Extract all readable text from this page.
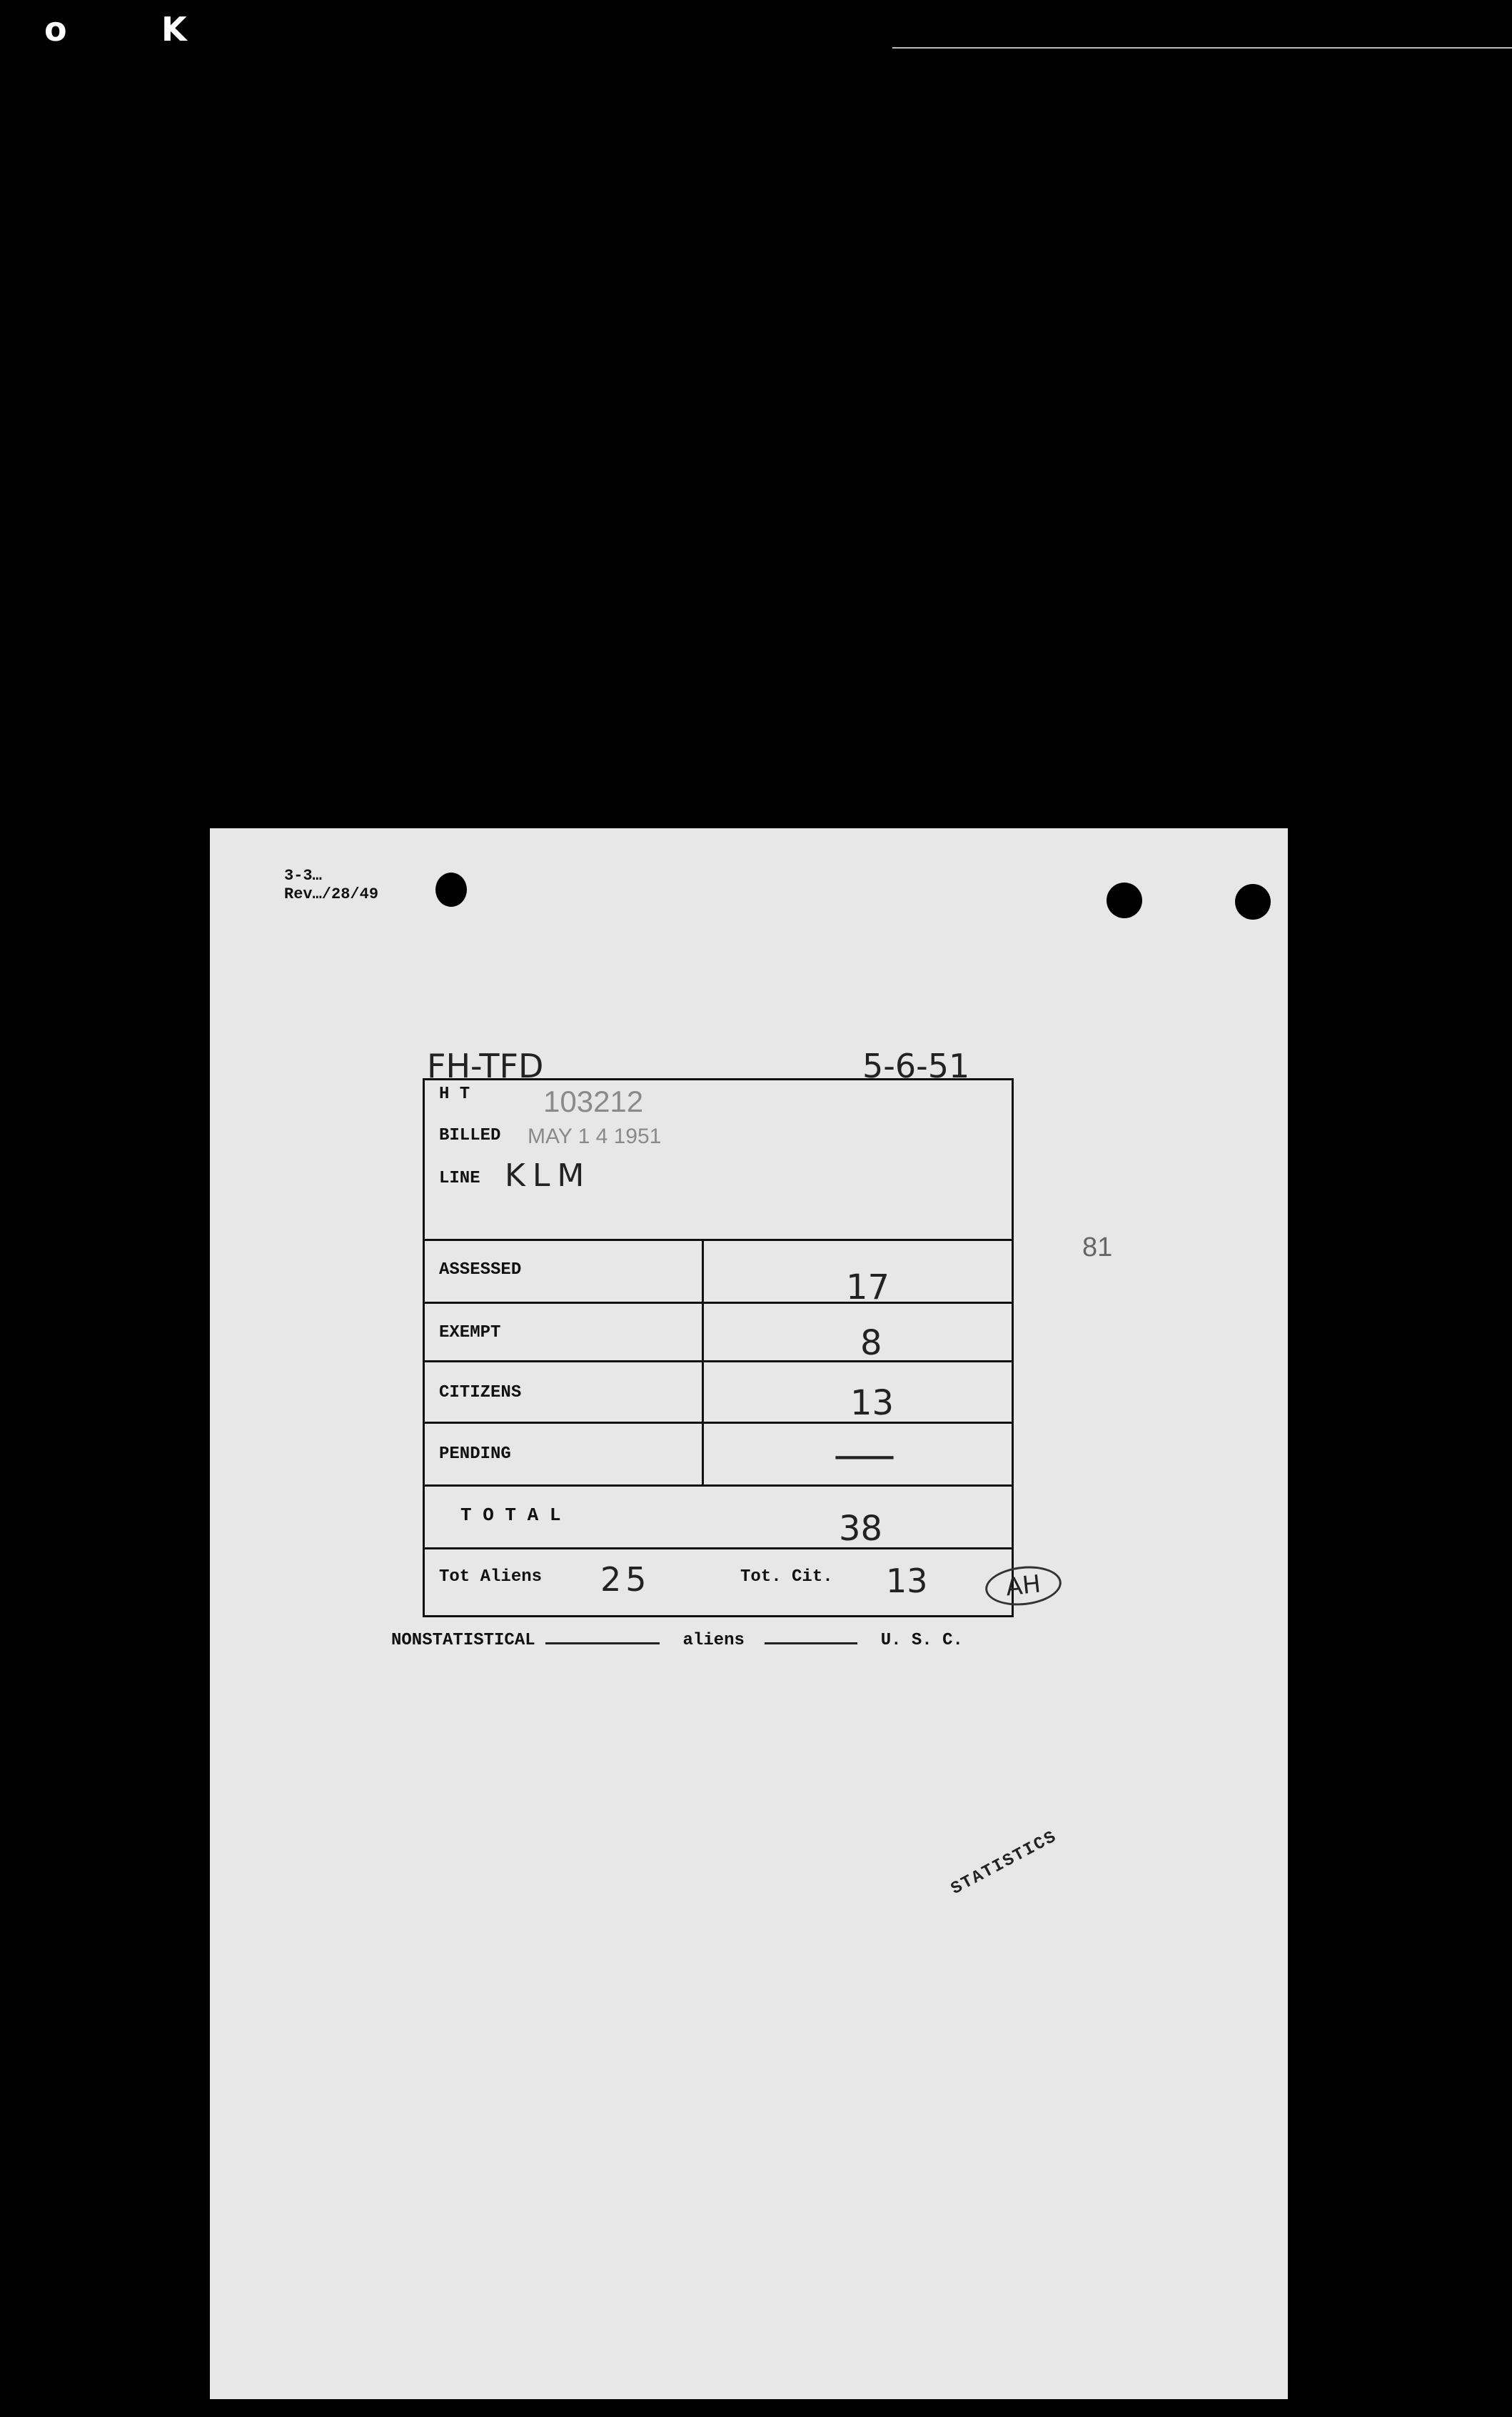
o	K
3-3…
Rev…/28/49
FH-TFD	5-6-51
H T 103212
BILLED MAY 1 4 1951
LINE KLM
ASSESSED	17
EXEMPT	8
CITIZENS	13
PENDING	—
T O T A L	38
Tot Aliens 25	Tot. Cit. 13	AH
81
NONSTATISTICAL	aliens	U. S. C.
STATISTICS
